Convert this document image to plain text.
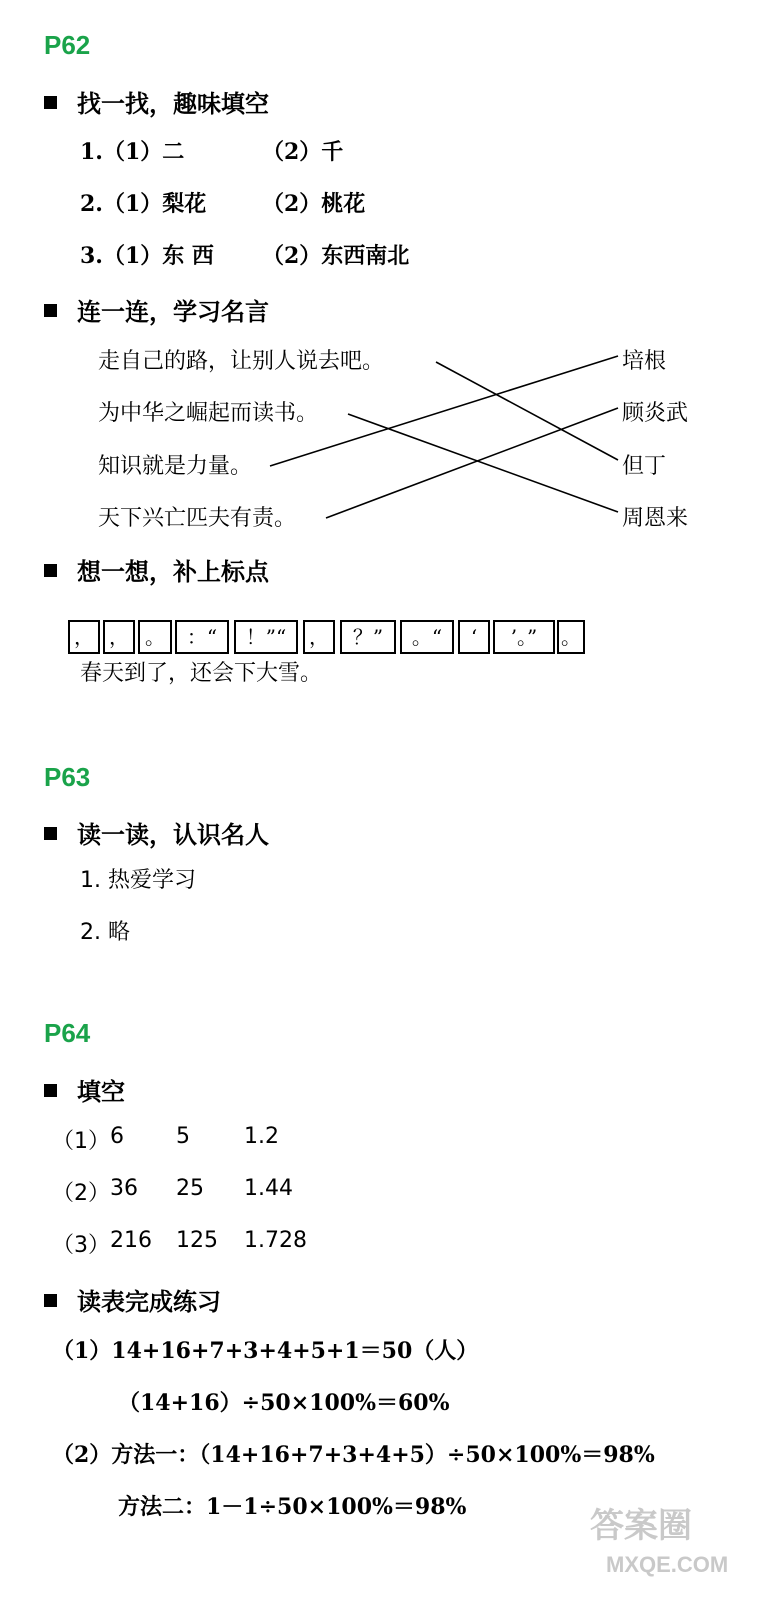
P62
找一找，趣味填空
1.（1）二	（2）千
2.（1）梨花	（2）桃花
3.（1）东 西 （2）东西南北
连一连，学习名言
走自己的路，让别人说去吧。
为中华之崛起而读书。
知识就是力量。
天下兴亡匹夫有责。
培根
顾炎武
但丁
周恩来
想一想，补上标点
， ， 。	：“	！”“	，	？”	。“	‘	’。”	。
春天到了，还会下大雪。
P63
读一读，认识名人
1. 热爱学习
2. 略
P64
填空
（1） 6 5 1.2
（2） 36 25 1.44
（3） 216 125 1.728
读表完成练习
（1）14+16+7+3+4+5+1＝50（人）
（14+16）÷50×100%＝60%
（2）方法一：（14+16+7+3+4+5）÷50×100%＝98%
方法二：1－1÷50×100%＝98%	答案圈
MXQE.COM
